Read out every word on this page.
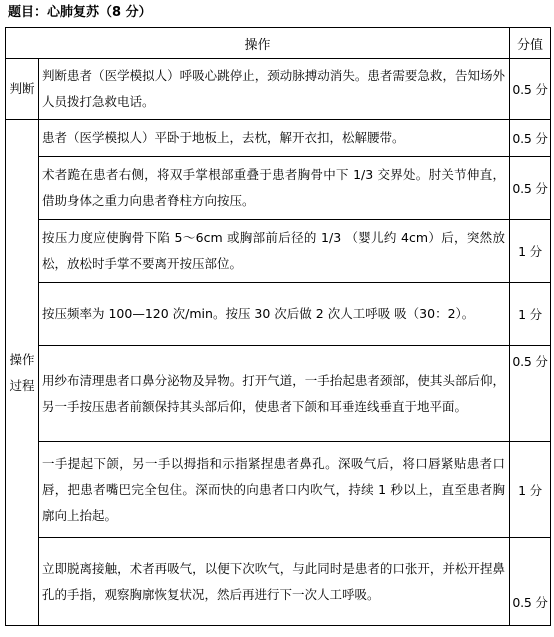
题目：心肺复苏（8 分）
操作		分值
判断	判断患者（医学模拟人）呼吸心跳停止，颈动脉搏动消失。患者需要急救，告知场外人员拨打急救电话。	0.5 分
操作过程	患者（医学模拟人）平卧于地板上，去枕，解开衣扣，松解腰带。	0.5 分
	术者跪在患者右侧，将双手掌根部重叠于患者胸骨中下 1/3 交界处。肘关节伸直，借助身体之重力向患者脊柱方向按压。	0.5 分
	按压力度应使胸骨下陷 5～6cm 或胸部前后径的 1/3 （婴儿约 4cm）后，突然放松，放松时手掌不要离开按压部位。	1 分
	按压频率为 100—120 次/min。按压 30 次后做 2 次人工呼吸 吸（30：2）。	1 分
	用纱布清理患者口鼻分泌物及异物。打开气道，一手抬起患者颈部，使其头部后仰，另一手按压患者前额保持其头部后仰，使患者下颌和耳垂连线垂直于地平面。	0.5 分
	一手提起下颌，另一手以拇指和示指紧捏患者鼻孔。深吸气后，将口唇紧贴患者口唇，把患者嘴巴完全包住。深而快的向患者口内吹气，持续 1 秒以上，直至患者胸廓向上抬起。	1 分
	立即脱离接触，术者再吸气，以便下次吹气，与此同时是患者的口张开，并松开捏鼻孔的手指，观察胸廓恢复状况，然后再进行下一次人工呼吸。	0.5 分
